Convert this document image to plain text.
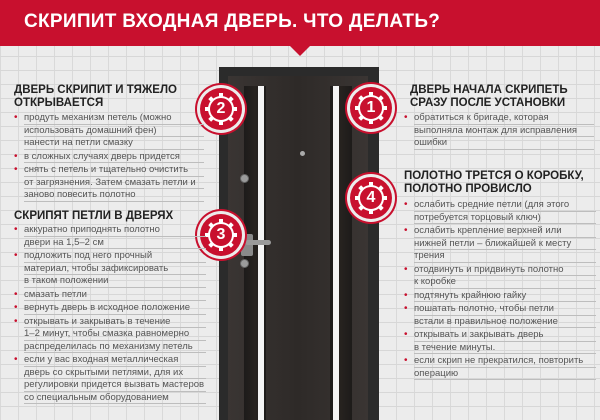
СКРИПИТ ВХОДНАЯ ДВЕРЬ. ЧТО ДЕЛАТЬ?
2
3
1
4
ДВЕРЬ СКРИПИТ И ТЯЖЕЛО
ОТКРЫВАЕТСЯ
• продуть механизм петель (можно
использовать домашний фен)
нанести на петли смазку
• в сложных случаях дверь придется
• снять с петель и тщательно очистить
от загрязнения. Затем смазать петли и
заново повесить полотно
СКРИПЯТ ПЕТЛИ В ДВЕРЯХ
• аккуратно приподнять полотно
двери на 1,5–2 см
• подложить под него прочный
материал, чтобы зафиксировать
в таком положении
• смазать петли
• вернуть дверь в исходное положение
• открывать и закрывать в течение
1–2 минут, чтобы смазка равномерно
распределилась по механизму петель
• если у вас входная металлическая
дверь со скрытыми петлями, для их
регулировки придется вызвать мастеров
со специальным оборудованием
ДВЕРЬ НАЧАЛА СКРИПЕТЬ
СРАЗУ ПОСЛЕ УСТАНОВКИ
• обратиться к бригаде, которая
выполняла монтаж для исправления
ошибки
ПОЛОТНО ТРЕТСЯ О КОРОБКУ,
ПОЛОТНО ПРОВИСЛО
• ослабить средние петли (для этого
потребуется торцовый ключ)
• ослабить крепление верхней или
нижней петли – ближайшей к месту
трения
• отодвинуть и придвинуть полотно
к коробке
• подтянуть крайнюю гайку
• пошатать полотно, чтобы петли
встали в правильное положение
• открывать и закрывать дверь
в течение минуты.
• если скрип не прекратился, повторить
операцию
